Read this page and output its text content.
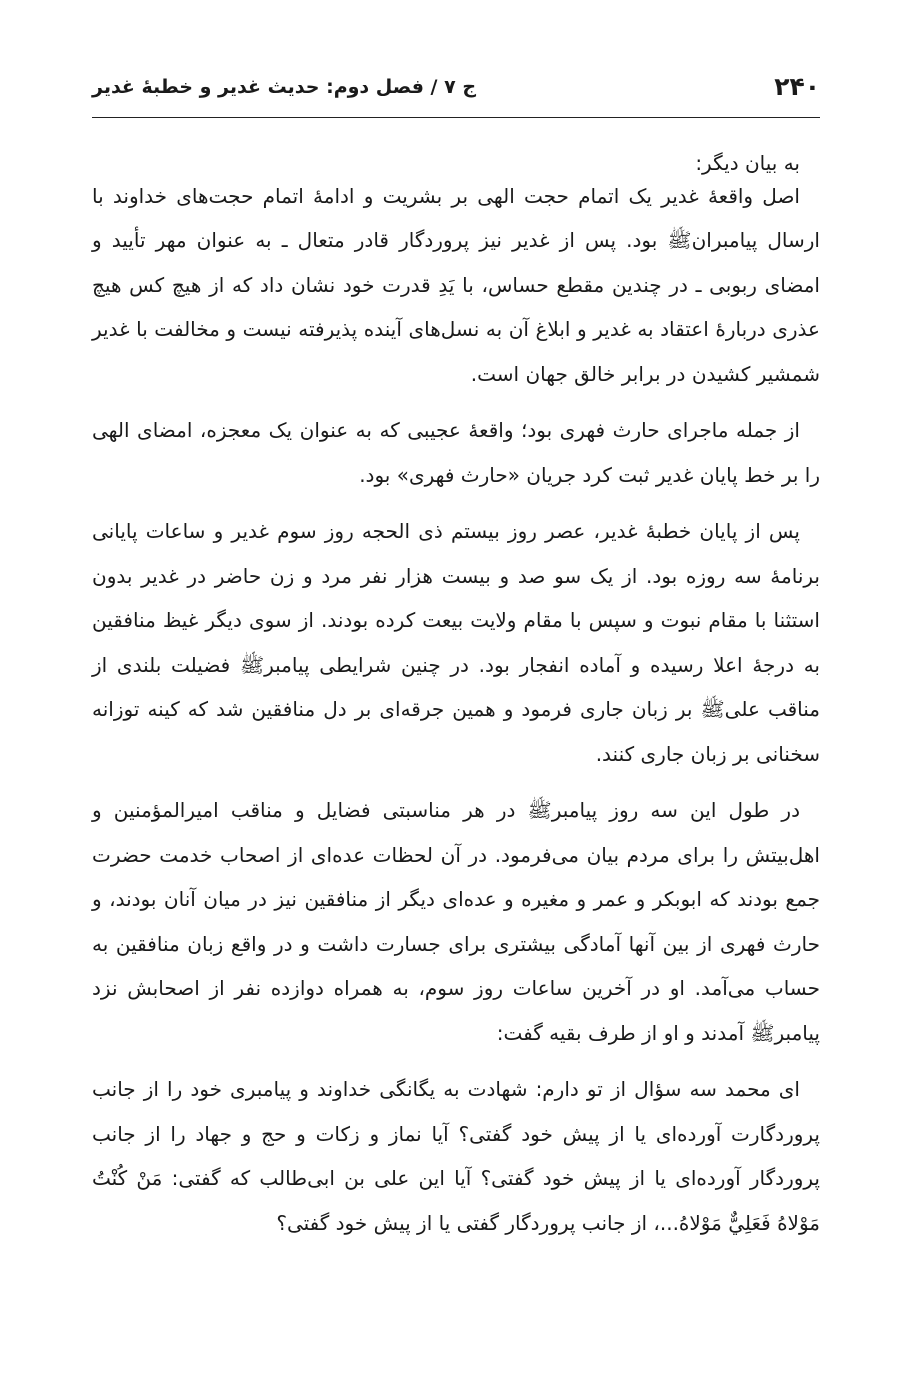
۲۴۰
ج ۷ / فصل دوم: حديث غدير و خطبهٔ غدير

به بیان دیگر:

اصل واقعهٔ غدیر یک اتمام حجت الهی بر بشریت و ادامهٔ اتمام حجت‌های خداوند با ارسال پیامبرانﷺ بود. پس از غدیر نیز پروردگار قادر متعال ـ به عنوان مهر تأیید و امضای ربوبی ـ در چندین مقطع حساس، با یَدِ قدرت خود نشان داد که از هیچ کس هیچ عذری دربارهٔ اعتقاد به غدیر و ابلاغ آن به نسل‌های آینده پذیرفته نیست و مخالفت با غدیر شمشیر کشیدن در برابر خالق جهان است.

از جمله ماجرای حارث فهری بود؛ واقعهٔ عجیبی که به عنوان یک معجزه، امضای الهی را بر خط پایان غدیر ثبت کرد جریان «حارث فهری» بود.

پس از پایان خطبهٔ غدیر، عصر روز بیستم ذی الحجه روز سوم غدیر و ساعات پایانی برنامهٔ سه روزه بود. از یک سو صد و بیست هزار نفر مرد و زن حاضر در غدیر بدون استثنا با مقام نبوت و سپس با مقام ولایت بیعت کرده بودند. از سوی دیگر غیظ منافقین به درجهٔ اعلا رسیده و آماده انفجار بود. در چنین شرایطی پیامبرﷺ فضیلت بلندی از مناقب علیﷺ بر زبان جاری فرمود و همین جرقه‌ای بر دل منافقین شد که کینه توزانه سخنانی بر زبان جاری کنند.

در طول این سه روز پیامبرﷺ در هر مناسبتی فضایل و مناقب امیرالمؤمنین و اهل‌بیتش را برای مردم بیان می‌فرمود. در آن لحظات عده‌ای از اصحاب خدمت حضرت جمع بودند که ابوبکر و عمر و مغیره و عده‌ای دیگر از منافقین نیز در میان آنان بودند، و حارث فهری از بین آنها آمادگی بیشتری برای جسارت داشت و در واقع زبان منافقین به حساب می‌آمد. او در آخرین ساعات روز سوم، به همراه دوازده نفر از اصحابش نزد پیامبرﷺ آمدند و او از طرف بقیه گفت:

ای محمد سه سؤال از تو دارم: شهادت به یگانگی خداوند و پیامبری خود را از جانب پروردگارت آورده‌ای یا از پیش خود گفتی؟ آیا نماز و زکات و حج و جهاد را از جانب پروردگار آورده‌ای یا از پیش خود گفتی؟ آیا این علی بن ابی‌طالب که گفتی: مَنْ کُنْتُ مَوْلاهُ فَعَلِيٌّ مَوْلاهُ...، از جانب پروردگار گفتی یا از پیش خود گفتی؟
